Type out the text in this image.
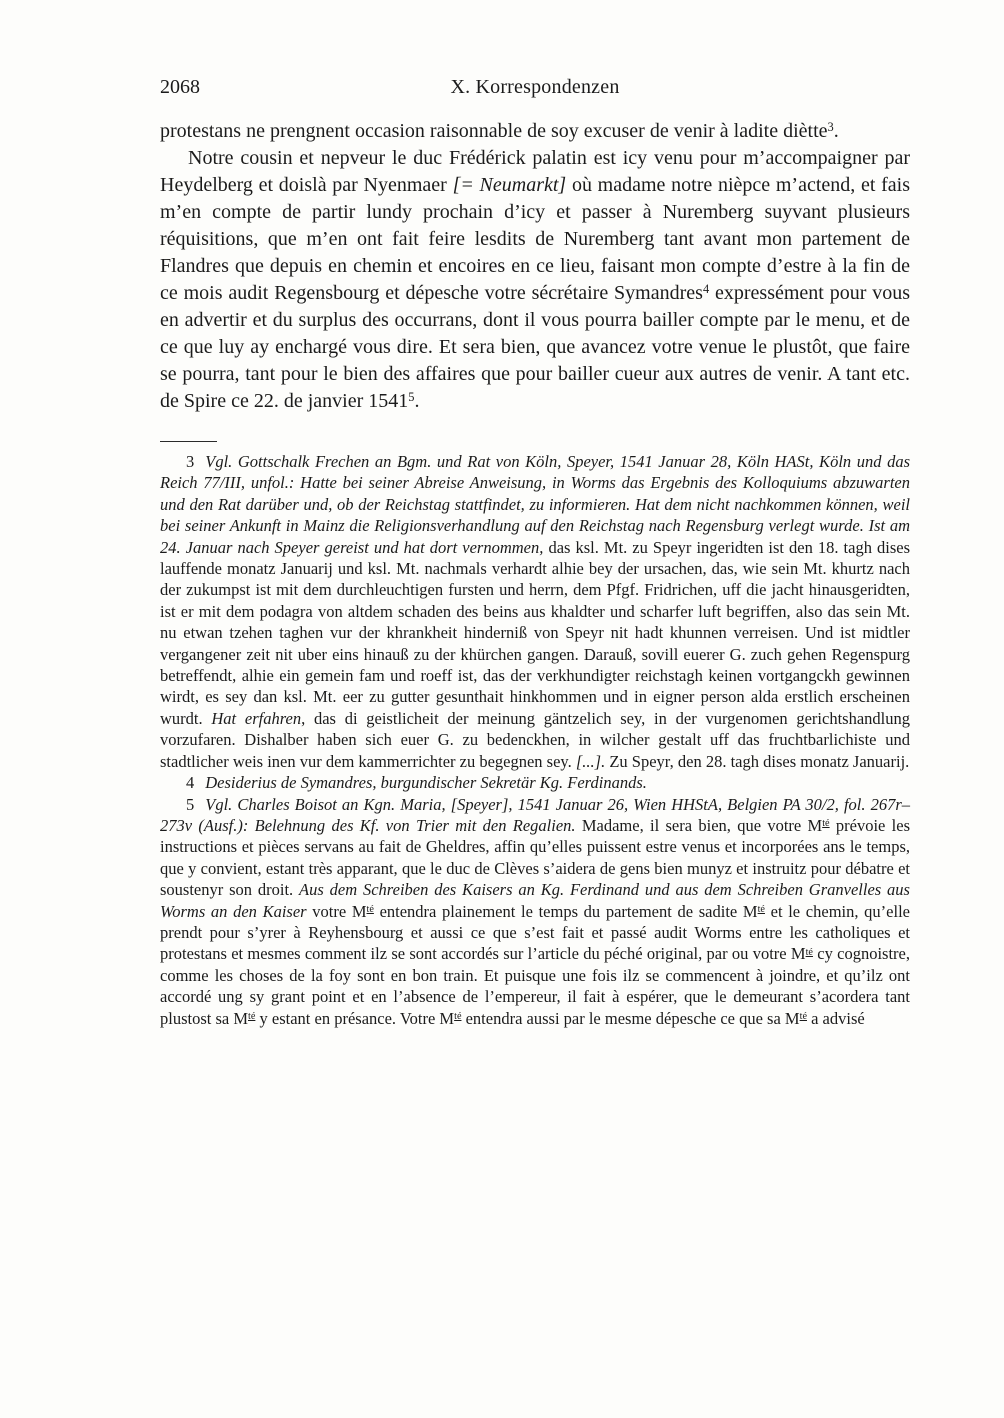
2068	X. Korrespondenzen

protestans ne prengnent occasion raisonnable de soy excuser de venir à ladite diètte$^3$.

Notre cousin et nepveur le duc Frédérick palatin est icy venu pour m’accompaigner par Heydelberg et doislà par Nyenmaer [= Neumarkt] où madame notre nièpce m’actend, et fais m’en compte de partir lundy prochain d’icy et passer à Nuremberg suyvant plusieurs réquisitions, que m’en ont fait feire lesdits de Nuremberg tant avant mon partement de Flandres que depuis en chemin et encoires en ce lieu, faisant mon compte d’estre à la fin de ce mois audit Regensbourg et dépesche votre sécrétaire Symandres$^4$ expressément pour vous en advertir et du surplus des occurrans, dont il vous pourra bailler compte par le menu, et de ce que luy ay enchargé vous dire. Et sera bien, que avancez votre venue le plustôt, que faire se pourra, tant pour le bien des affaires que pour bailler cueur aux autres de venir. A tant etc. de Spire ce 22. de janvier 1541$^5$.

3 Vgl. Gottschalk Frechen an Bgm. und Rat von Köln, Speyer, 1541 Januar 28, Köln HASt, Köln und das Reich 77/III, unfol.: Hatte bei seiner Abreise Anweisung, in Worms das Ergebnis des Kolloquiums abzuwarten und den Rat darüber und, ob der Reichstag stattfindet, zu informieren. Hat dem nicht nachkommen können, weil bei seiner Ankunft in Mainz die Religionsverhandlung auf den Reichstag nach Regensburg verlegt wurde. Ist am 24. Januar nach Speyer gereist und hat dort vernommen, das ksl. Mt. zu Speyr ingeridten ist den 18. tagh dises lauffende monatz Januarij und ksl. Mt. nachmals verhardt alhie bey der ursachen, das, wie sein Mt. khurtz nach der zukumpst ist mit dem durchleuchtigen fursten und herrn, dem Pfgf. Fridrichen, uff die jacht hinausgeridten, ist er mit dem podagra von altdem schaden des beins aus khaldter und scharfer luft begriffen, also das sein Mt. nu etwan tzehen taghen vur der khrankheit hinderniß von Speyr nit hadt khunnen verreisen. Und ist midtler vergangener zeit nit uber eins hinauß zu der khürchen gangen. Darauß, sovill euerer G. zuch gehen Regenspurg betreffendt, alhie ein gemein fam und roeff ist, das der verkhundigter reichstagh keinen vortgangckh gewinnen wirdt, es sey dan ksl. Mt. eer zu gutter gesunthait hinkhommen und in eigner person alda erstlich erscheinen wurdt. Hat erfahren, das di geistlicheit der meinung gäntzelich sey, in der vurgenomen gerichtshandlung vorzufaren. Dishalber haben sich euer G. zu bedenckhen, in wilcher gestalt uff das fruchtbarlichiste und stadtlicher weis inen vur dem kammerrichter zu begegnen sey. [...]. Zu Speyr, den 28. tagh dises monatz Januarij.

4 Desiderius de Symandres, burgundischer Sekretär Kg. Ferdinands.

5 Vgl. Charles Boisot an Kgn. Maria, [Speyer], 1541 Januar 26, Wien HHStA, Belgien PA 30/2, fol. 267r–273v (Ausf.): Belehnung des Kf. von Trier mit den Regalien. Madame, il sera bien, que votre $M^{té}$ prévoie les instructions et pièces servans au fait de Gheldres, affin qu’elles puissent estre venus et incorporées ans le temps, que y convient, estant très apparant, que le duc de Clèves s’aidera de gens bien munyz et instruitz pour débatre et soustenyr son droit. Aus dem Schreiben des Kaisers an Kg. Ferdinand und aus dem Schreiben Granvelles aus Worms an den Kaiser votre $M^{té}$ entendra plainement le temps du partement de sadite $M^{té}$ et le chemin, qu’elle prendt pour s’yrer à Reyhensbourg et aussi ce que s’est fait et passé audit Worms entre les catholiques et protestans et mesmes comment ilz se sont accordés sur l’article du péché original, par ou votre $M^{té}$ cy cognoistre, comme les choses de la foy sont en bon train. Et puisque une fois ilz se commencent à joindre, et qu’ilz ont accordé ung sy grant point et en l’absence de l’empereur, il fait à espérer, que le demeurant s’acordera tant plustost sa $M^{té}$ y estant en présance. Votre $M^{té}$ entendra aussi par le mesme dépesche ce que sa $M^{té}$ a advisé
